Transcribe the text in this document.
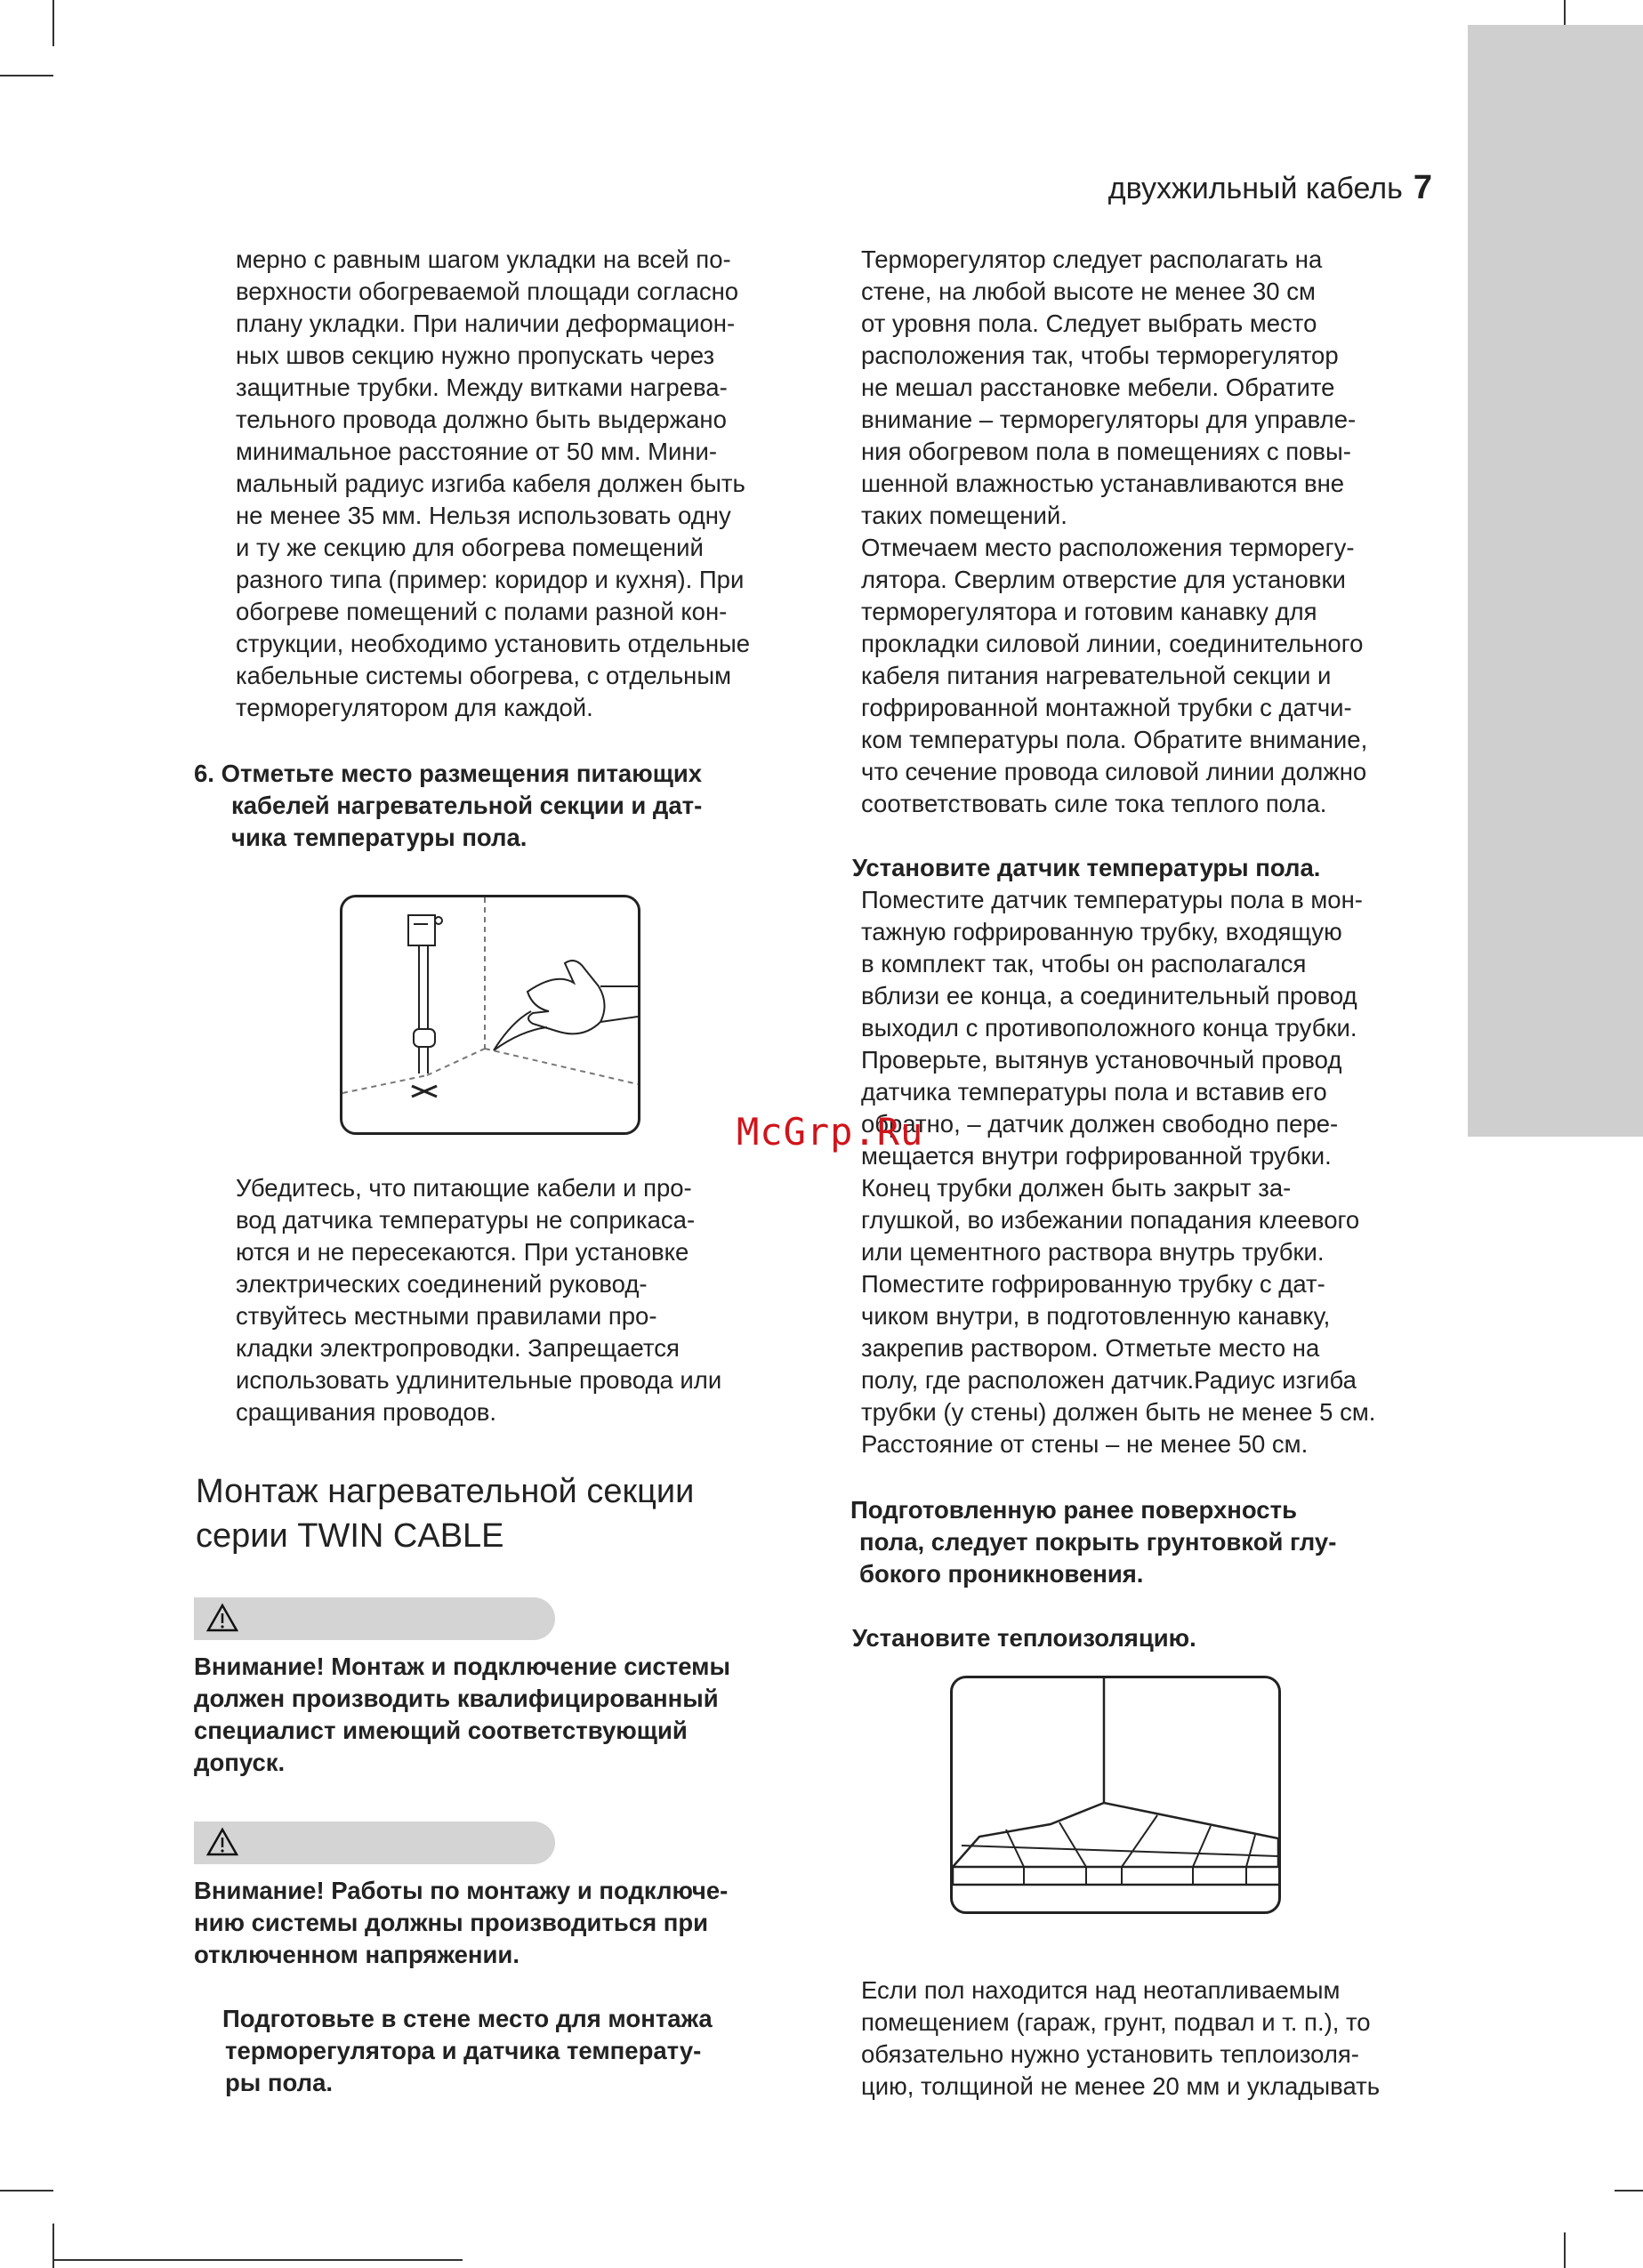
двухжильный кабель 7
мерно с равным шагом укладки на всей по-
верхности обогреваемой площади согласно
плану укладки. При наличии деформацион-
ных швов секцию нужно пропускать через
защитные трубки. Между витками нагрева-
тельного провода должно быть выдержано
минимальное расстояние от 50 мм. Мини-
мальный радиус изгиба кабеля должен быть
не менее 35 мм. Нельзя использовать одну
и ту же секцию для обогрева помещений
разного типа (пример: коридор и кухня). При
обогреве помещений с полами разной кон-
струкции, необходимо установить отдельные
кабельные системы обогрева, с отдельным
терморегулятором для каждой.
6. Отметьте место размещения питающих
кабелей нагревательной секции и дат-
чика температуры пола.
Убедитесь, что питающие кабели и про-
вод датчика температуры не соприкаса-
ются и не пересекаются. При установке
электрических соединений руковод-
ствуйтесь местными правилами про-
кладки электропроводки. Запрещается
использовать удлинительные провода или
сращивания проводов.
Монтаж нагревательной секции
серии TWIN CABLE
Внимание! Монтаж и подключение системы
должен производить квалифицированный
специалист имеющий соответствующий
допуск.
Внимание! Работы по монтажу и подключе-
нию системы должны производиться при
отключенном напряжении.
Подготовьте в стене место для монтажа
терморегулятора и датчика температу-
ры пола.
Терморегулятор следует располагать на
стене, на любой высоте не менее 30 см
от уровня пола. Следует выбрать место
расположения так, чтобы терморегулятор
не мешал расстановке мебели. Обратите
внимание – терморегуляторы для управле-
ния обогревом пола в помещениях с повы-
шенной влажностью устанавливаются вне
таких помещений.
Отмечаем место расположения терморегу-
лятора. Сверлим отверстие для установки
терморегулятора и готовим канавку для
прокладки силовой линии, соединительного
кабеля питания нагревательной секции и
гофрированной монтажной трубки с датчи-
ком температуры пола. Обратите внимание,
что сечение провода силовой линии должно
соответствовать силе тока теплого пола.
Установите датчик температуры пола.
Поместите датчик температуры пола в мон-
тажную гофрированную трубку, входящую
в комплект так, чтобы он располагался
вблизи ее конца, а соединительный провод
выходил с противоположного конца трубки.
Проверьте, вытянув установочный провод
датчика температуры пола и вставив его
обратно, – датчик должен свободно пере-
мещается внутри гофрированной трубки.
Конец трубки должен быть закрыт за-
глушкой, во избежании попадания клеевого
или цементного раствора внутрь трубки.
Поместите гофрированную трубку с дат-
чиком внутри, в подготовленную канавку,
закрепив раствором. Отметьте место на
полу, где расположен датчик.Радиус изгиба
трубки (у стены) должен быть не менее 5 см.
Расстояние от стены – не менее 50 см.
Подготовленную ранее поверхность
пола, следует покрыть грунтовкой глу-
бокого проникновения.
Установите теплоизоляцию.
Если пол находится над неотапливаемым
помещением (гараж, грунт, подвал и т. п.), то
обязательно нужно установить теплоизоля-
цию, толщиной не менее 20 мм и укладывать
McGrp.Ru
